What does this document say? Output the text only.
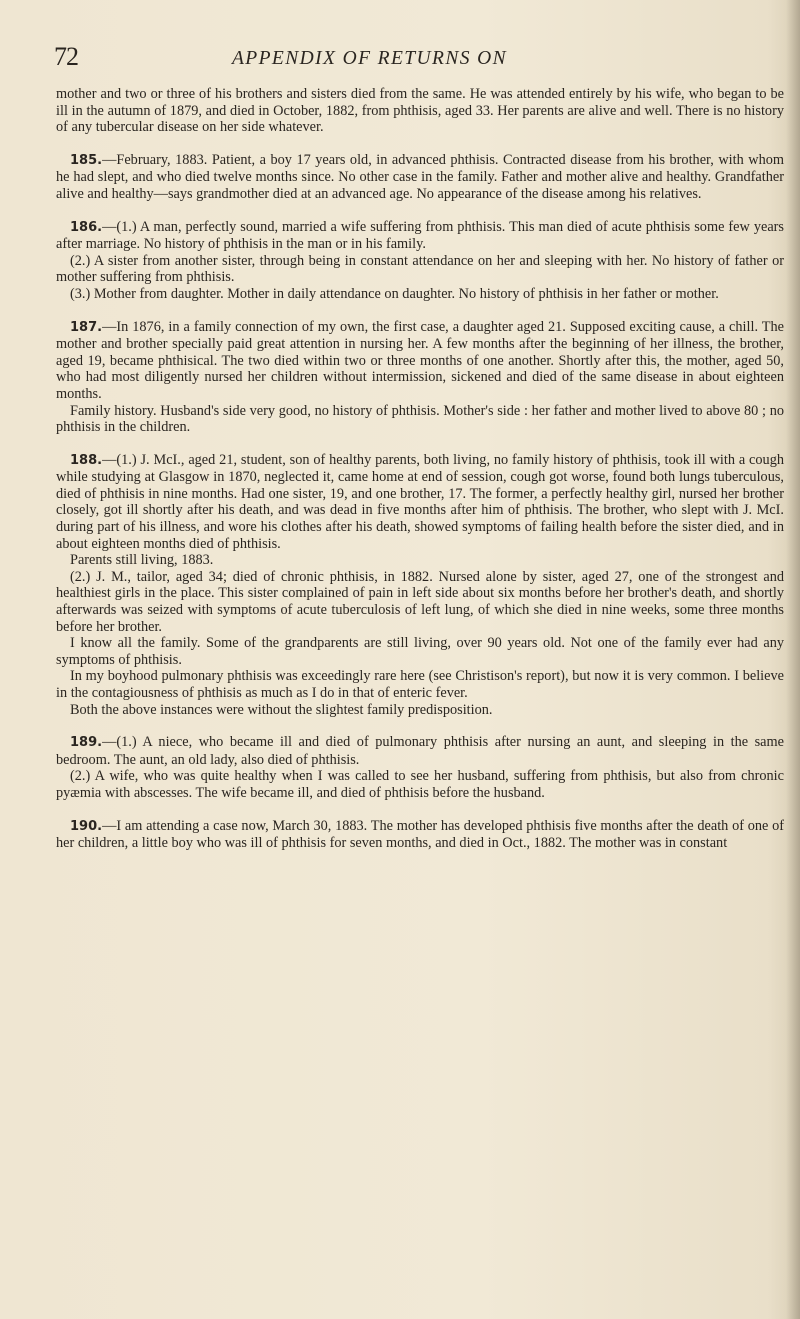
72	APPENDIX OF RETURNS ON

mother and two or three of his brothers and sisters died from the same. He was attended entirely by his wife, who began to be ill in the autumn of 1879, and died in October, 1882, from phthisis, aged 33. Her parents are alive and well. There is no history of any tubercular disease on her side whatever.

185.—February, 1883. Patient, a boy 17 years old, in advanced phthisis. Contracted disease from his brother, with whom he had slept, and who died twelve months since. No other case in the family. Father and mother alive and healthy. Grandfather alive and healthy—says grandmother died at an advanced age. No appearance of the disease among his relatives.

186.—(1.) A man, perfectly sound, married a wife suffering from phthisis. This man died of acute phthisis some few years after marriage. No history of phthisis in the man or in his family.

(2.) A sister from another sister, through being in constant attendance on her and sleeping with her. No history of father or mother suffering from phthisis.

(3.) Mother from daughter. Mother in daily attendance on daughter. No history of phthisis in her father or mother.

187.—In 1876, in a family connection of my own, the first case, a daughter aged 21. Supposed exciting cause, a chill. The mother and brother specially paid great attention in nursing her. A few months after the beginning of her illness, the brother, aged 19, became phthisical. The two died within two or three months of one another. Shortly after this, the mother, aged 50, who had most diligently nursed her children without intermission, sickened and died of the same disease in about eighteen months.

Family history. Husband's side very good, no history of phthisis. Mother's side : her father and mother lived to above 80 ; no phthisis in the children.

188.—(1.) J. McI., aged 21, student, son of healthy parents, both living, no family history of phthisis, took ill with a cough while studying at Glasgow in 1870, neglected it, came home at end of session, cough got worse, found both lungs tuberculous, died of phthisis in nine months. Had one sister, 19, and one brother, 17. The former, a perfectly healthy girl, nursed her brother closely, got ill shortly after his death, and was dead in five months after him of phthisis. The brother, who slept with J. McI. during part of his illness, and wore his clothes after his death, showed symptoms of failing health before the sister died, and in about eighteen months died of phthisis.

Parents still living, 1883.

(2.) J. M., tailor, aged 34; died of chronic phthisis, in 1882. Nursed alone by sister, aged 27, one of the strongest and healthiest girls in the place. This sister complained of pain in left side about six months before her brother's death, and shortly afterwards was seized with symptoms of acute tuberculosis of left lung, of which she died in nine weeks, some three months before her brother.

I know all the family. Some of the grandparents are still living, over 90 years old. Not one of the family ever had any symptoms of phthisis.

In my boyhood pulmonary phthisis was exceedingly rare here (see Christison's report), but now it is very common. I believe in the contagiousness of phthisis as much as I do in that of enteric fever.

Both the above instances were without the slightest family predisposition.

189.—(1.) A niece, who became ill and died of pulmonary phthisis after nursing an aunt, and sleeping in the same bedroom. The aunt, an old lady, also died of phthisis.

(2.) A wife, who was quite healthy when I was called to see her husband, suffering from phthisis, but also from chronic pyæmia with abscesses. The wife became ill, and died of phthisis before the husband.

190.—I am attending a case now, March 30, 1883. The mother has developed phthisis five months after the death of one of her children, a little boy who was ill of phthisis for seven months, and died in Oct., 1882. The mother was in constant
